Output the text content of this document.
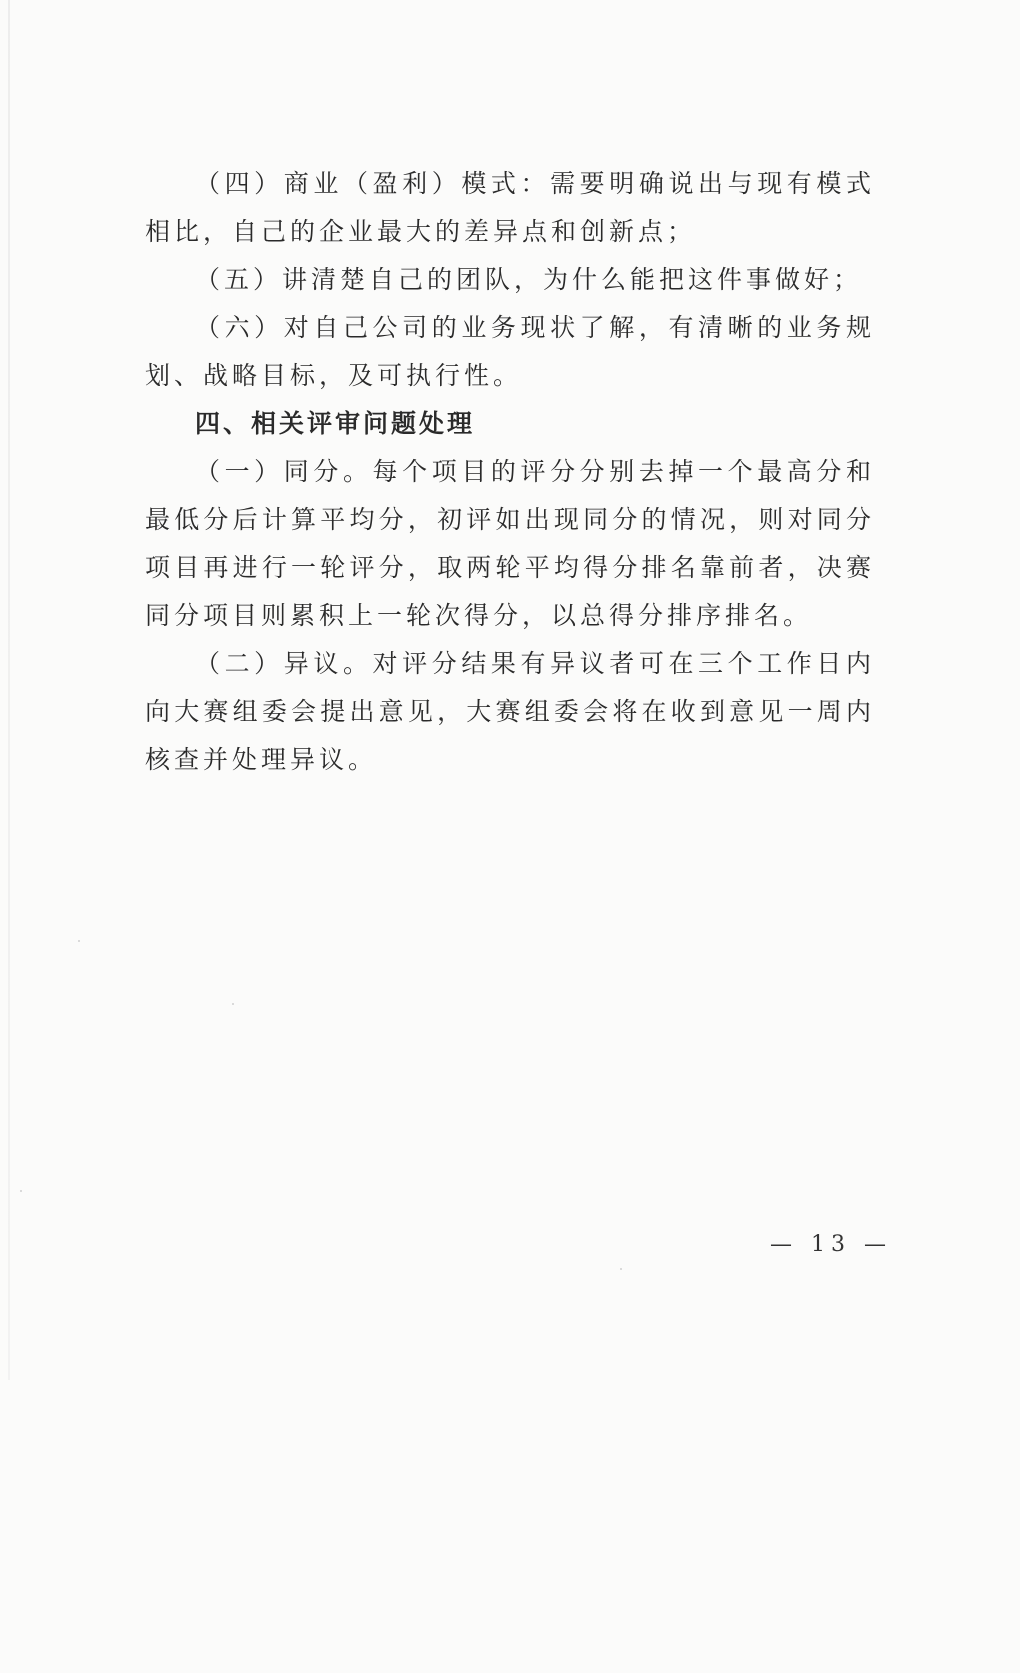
（四）商业（盈利）模式：需要明确说出与现有模式相比，自己的企业最大的差异点和创新点；

（五）讲清楚自己的团队，为什么能把这件事做好；

（六）对自己公司的业务现状了解，有清晰的业务规划、战略目标，及可执行性。

四、相关评审问题处理

（一）同分。每个项目的评分分别去掉一个最高分和最低分后计算平均分，初评如出现同分的情况，则对同分项目再进行一轮评分，取两轮平均得分排名靠前者，决赛同分项目则累积上一轮次得分，以总得分排序排名。

（二）异议。对评分结果有异议者可在三个工作日内向大赛组委会提出意见，大赛组委会将在收到意见一周内核查并处理异议。

— 13 —
